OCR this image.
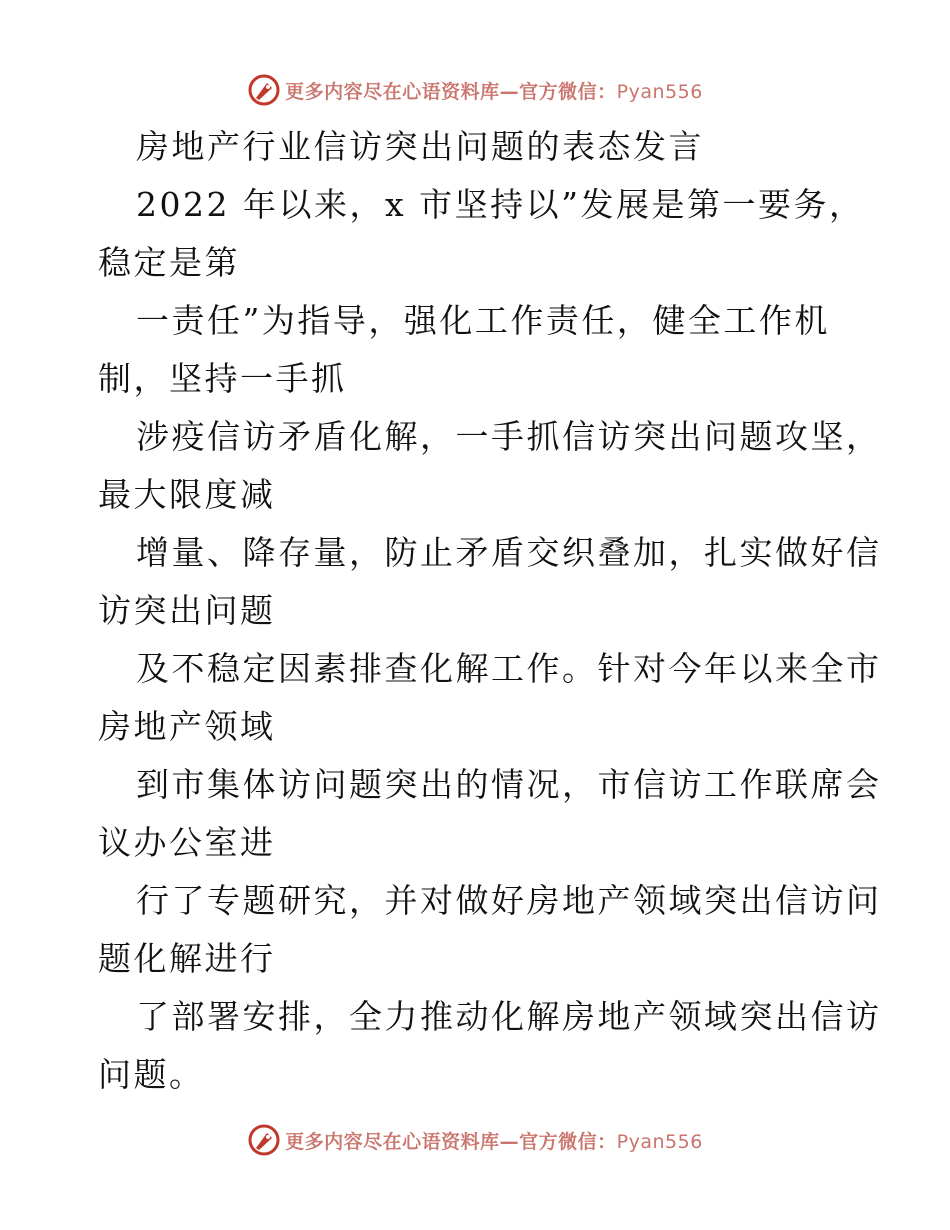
更多内容尽在心语资料库—官方微信：Pyan556
房地产行业信访突出问题的表态发言
2022 年以来，x 市坚持以”发展是第一要务，
稳定是第
一责任”为指导，强化工作责任，健全工作机
制，坚持一手抓
涉疫信访矛盾化解，一手抓信访突出问题攻坚，
最大限度减
增量、降存量，防止矛盾交织叠加，扎实做好信
访突出问题
及不稳定因素排查化解工作。针对今年以来全市
房地产领域
到市集体访问题突出的情况，市信访工作联席会
议办公室进
行了专题研究，并对做好房地产领域突出信访问
题化解进行
了部署安排，全力推动化解房地产领域突出信访
问题。
更多内容尽在心语资料库—官方微信：Pyan556
